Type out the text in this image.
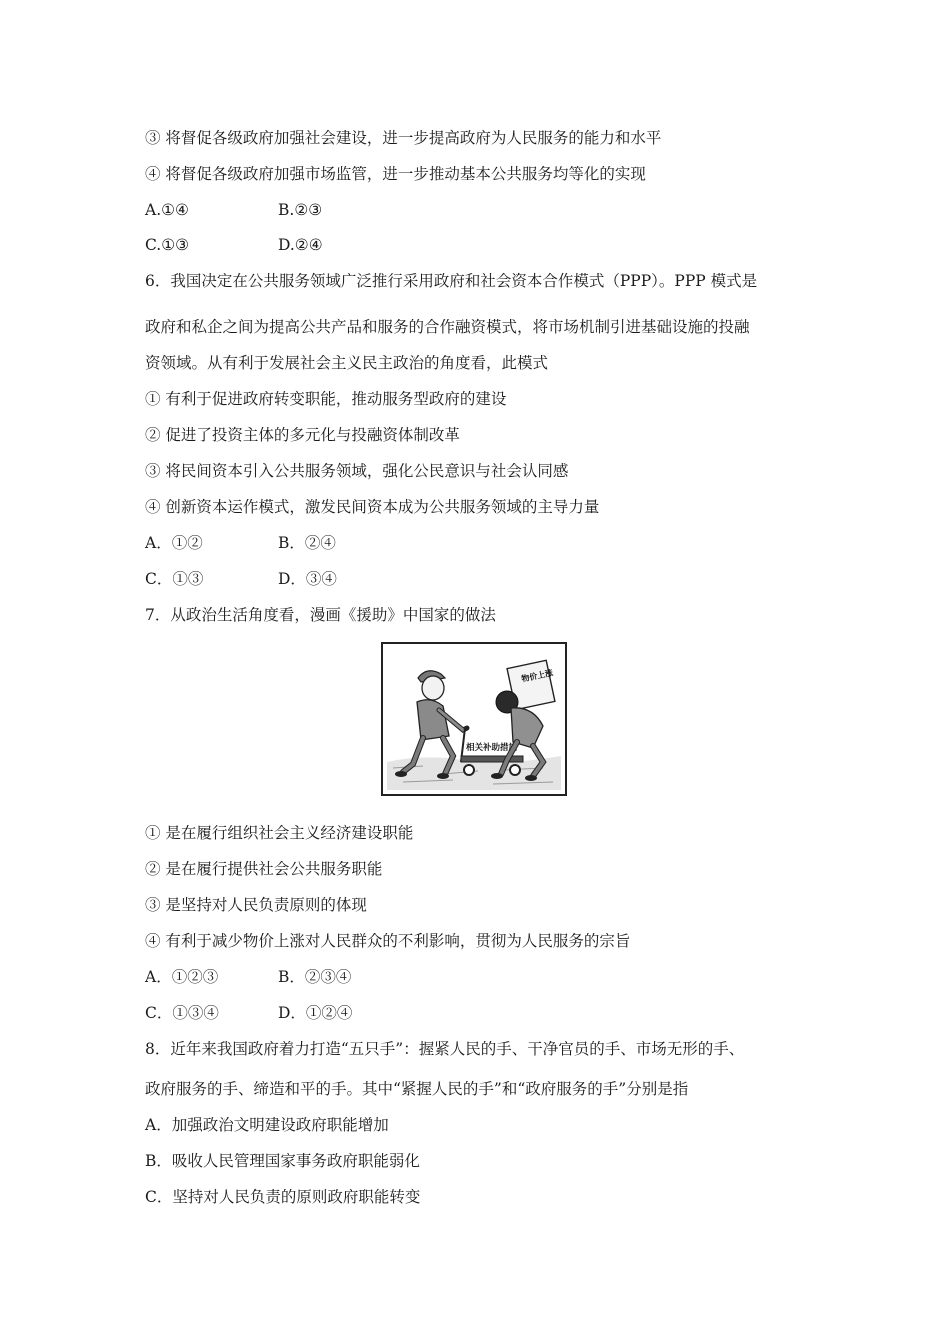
③ 将督促各级政府加强社会建设，进一步提高政府为人民服务的能力和水平
④ 将督促各级政府加强市场监管，进一步推动基本公共服务均等化的实现
A.①④	B.②③
C.①③	D.②④
6．我国决定在公共服务领域广泛推行采用政府和社会资本合作模式（PPP）。PPP 模式是
政府和私企之间为提高公共产品和服务的合作融资模式，将市场机制引进基础设施的投融
资领域。从有利于发展社会主义民主政治的角度看，此模式
① 有利于促进政府转变职能，推动服务型政府的建设
② 促进了投资主体的多元化与投融资体制改革
③ 将民间资本引入公共服务领域，强化公民意识与社会认同感
④ 创新资本运作模式，激发民间资本成为公共服务领域的主导力量
A．①②	B．②④
C．①③	D．③④
7．从政治生活角度看，漫画《援助》中国家的做法
相关补助措施
物价上涨
① 是在履行组织社会主义经济建设职能
② 是在履行提供社会公共服务职能
③ 是坚持对人民负责原则的体现
④ 有利于减少物价上涨对人民群众的不利影响，贯彻为人民服务的宗旨
A．①②③	B．②③④
C．①③④	D．①②④
8．近年来我国政府着力打造“五只手”：握紧人民的手、干净官员的手、市场无形的手、
政府服务的手、缔造和平的手。其中“紧握人民的手”和“政府服务的手”分别是指
A．加强政治文明建设政府职能增加
B．吸收人民管理国家事务政府职能弱化
C．坚持对人民负责的原则政府职能转变
